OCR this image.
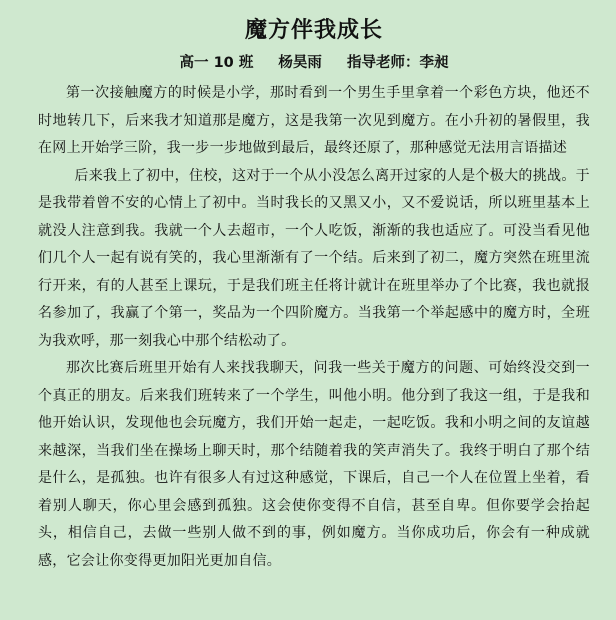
魔方伴我成长
高一 10 班 杨昊雨 指导老师：李昶

第一次接触魔方的时候是小学，那时看到一个男生手里拿着一个彩色方块，他还不时地转几下，后来我才知道那是魔方，这是我第一次见到魔方。在小升初的暑假里，我在网上开始学三阶，我一步一步地做到最后，最终还原了，那种感觉无法用言语描述

后来我上了初中，住校，这对于一个从小没怎么离开过家的人是个极大的挑战。于是我带着曾不安的心情上了初中。当时我长的又黑又小，又不爱说话，所以班里基本上就没人注意到我。我就一个人去超市，一个人吃饭，渐渐的我也适应了。可没当看见他们几个人一起有说有笑的，我心里渐渐有了一个结。后来到了初二，魔方突然在班里流行开来，有的人甚至上课玩，于是我们班主任将计就计在班里举办了个比赛，我也就报名参加了，我赢了个第一，奖品为一个四阶魔方。当我第一个举起感中的魔方时，全班为我欢呼，那一刻我心中那个结松动了。

那次比赛后班里开始有人来找我聊天，问我一些关于魔方的问题、可始终没交到一个真正的朋友。后来我们班转来了一个学生，叫他小明。他分到了我这一组，于是我和他开始认识，发现他也会玩魔方，我们开始一起走，一起吃饭。我和小明之间的友谊越来越深，当我们坐在操场上聊天时，那个结随着我的笑声消失了。我终于明白了那个结是什么，是孤独。也许有很多人有过这种感觉，下课后，自己一个人在位置上坐着，看着别人聊天，你心里会感到孤独。这会使你变得不自信，甚至自卑。但你要学会抬起头，相信自己，去做一些别人做不到的事，例如魔方。当你成功后，你会有一种成就感，它会让你变得更加阳光更加自信。
